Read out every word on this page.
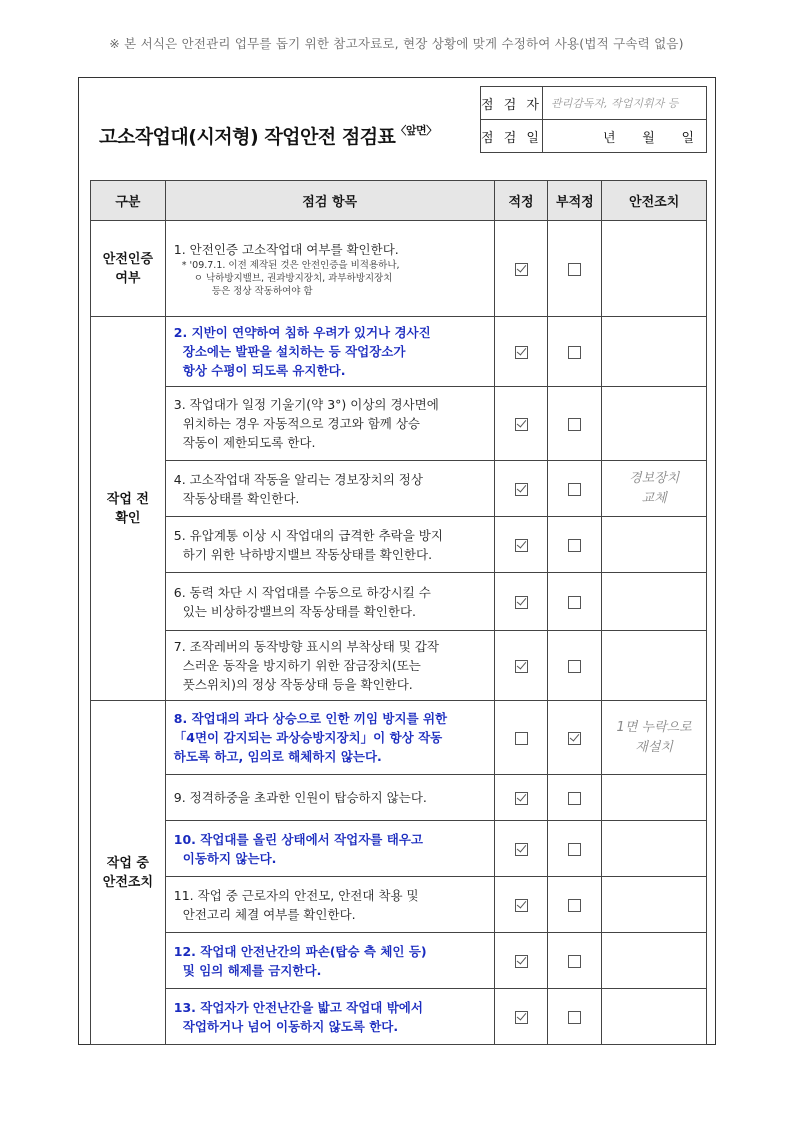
※ 본 서식은 안전관리 업무를 돕기 위한 참고자료로, 현장 상황에 맞게 수정하여 사용(법적 구속력 없음)
고소작업대(시저형) 작업안전 점검표$^{〈앞면〉}$
점 검 자	관리감독자, 작업지휘자 등
점 검 일	년 월 일
구분	점검 항목	적정	부적정	안전조치
안전인증
여부	1. 안전인증 고소작업대 여부를 확인한다.
* '09.7.1. 이전 제작된 것은 안전인증을 비적용하나,
ㅇ 낙하방지밸브, 권과방지장치, 과부하방지장치
등은 정상 작동하여야 함			

작업 전
확인	2. 지반이 연약하여 침하 우려가 있거나 경사진
장소에는 발판을 설치하는 등 작업장소가
항상 수평이 되도록 유지한다.			

	3. 작업대가 일정 기울기(약 3°) 이상의 경사면에
위치하는 경우 자동적으로 경고와 함께 상승
작동이 제한되도록 한다.			

	4. 고소작업대 작동을 알리는 경보장치의 정상
작동상태를 확인한다.			경보장치
교체

	5. 유압계통 이상 시 작업대의 급격한 추락을 방지
하기 위한 낙하방지밸브 작동상태를 확인한다.			

	6. 동력 차단 시 작업대를 수동으로 하강시킬 수
있는 비상하강밸브의 작동상태를 확인한다.			

	7. 조작레버의 동작방향 표시의 부착상태 및 갑작
스러운 동작을 방지하기 위한 잠금장치(또는
풋스위치)의 정상 작동상태 등을 확인한다.			

작업 중
안전조치	8. 작업대의 과다 상승으로 인한 끼임 방지를 위한
「4면이 감지되는 과상승방지장치」이 항상 작동
하도록 하고, 임의로 해체하지 않는다.			1면 누락으로
재설치

	9. 정격하중을 초과한 인원이 탑승하지 않는다.			

	10. 작업대를 올린 상태에서 작업자를 태우고
이동하지 않는다.			

	11. 작업 중 근로자의 안전모, 안전대 착용 및
안전고리 체결 여부를 확인한다.			

	12. 작업대 안전난간의 파손(탑승 측 체인 등)
및 임의 해제를 금지한다.			

	13. 작업자가 안전난간을 밟고 작업대 밖에서
작업하거나 넘어 이동하지 않도록 한다.			
